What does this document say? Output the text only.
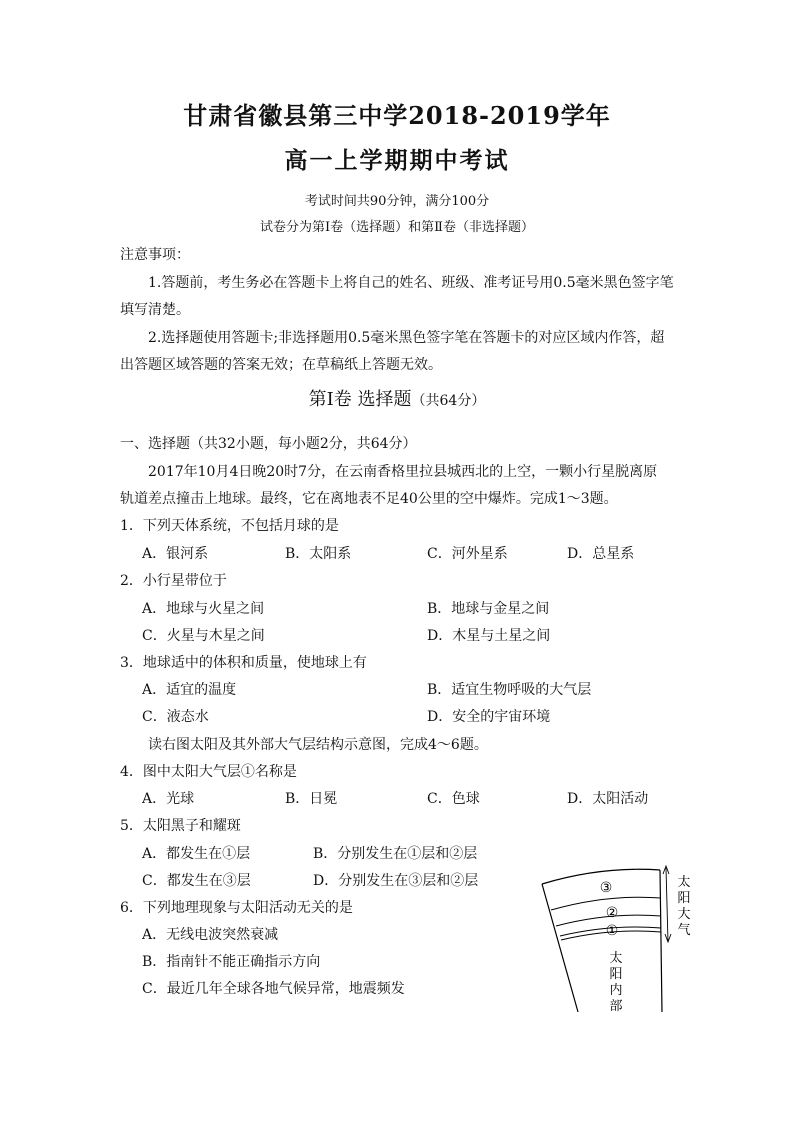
甘肃省徽县第三中学2018-2019学年
高一上学期期中考试
考试时间共90分钟，满分100分
试卷分为第Ⅰ卷（选择题）和第Ⅱ卷（非选择题）
注意事项：
1.答题前，考生务必在答题卡上将自己的姓名、班级、准考证号用0.5毫米黑色签字笔
填写清楚。
2.选择题使用答题卡;非选择题用0.5毫米黑色签字笔在答题卡的对应区域内作答，超
出答题区域答题的答案无效；在草稿纸上答题无效。
第Ⅰ卷 选择题（共64分）
一、选择题（共32小题，每小题2分，共64分）
2017年10月4日晚20时7分，在云南香格里拉县城西北的上空，一颗小行星脱离原
轨道差点撞击上地球。最终，它在离地表不足40公里的空中爆炸。完成1～3题。
1．下列天体系统，不包括月球的是
A．银河系	B．太阳系	C．河外星系	D．总星系
2．小行星带位于
A．地球与火星之间	B．地球与金星之间
C．火星与木星之间	D．木星与土星之间
3．地球适中的体积和质量，使地球上有
A．适宜的温度	B．适宜生物呼吸的大气层
C．液态水	D．安全的宇宙环境
读右图太阳及其外部大气层结构示意图，完成4～6题。
4．图中太阳大气层①名称是
A．光球	B．日冕	C．色球	D．太阳活动
5．太阳黑子和耀斑
A．都发生在①层	B．分别发生在①层和②层
C．都发生在③层	D．分别发生在③层和②层
6．下列地理现象与太阳活动无关的是
A．无线电波突然衰减
B．指南针不能正确指示方向
C．最近几年全球各地气候异常，地震频发
③
②
①
太
阳
大
气
太
阳
内
部
